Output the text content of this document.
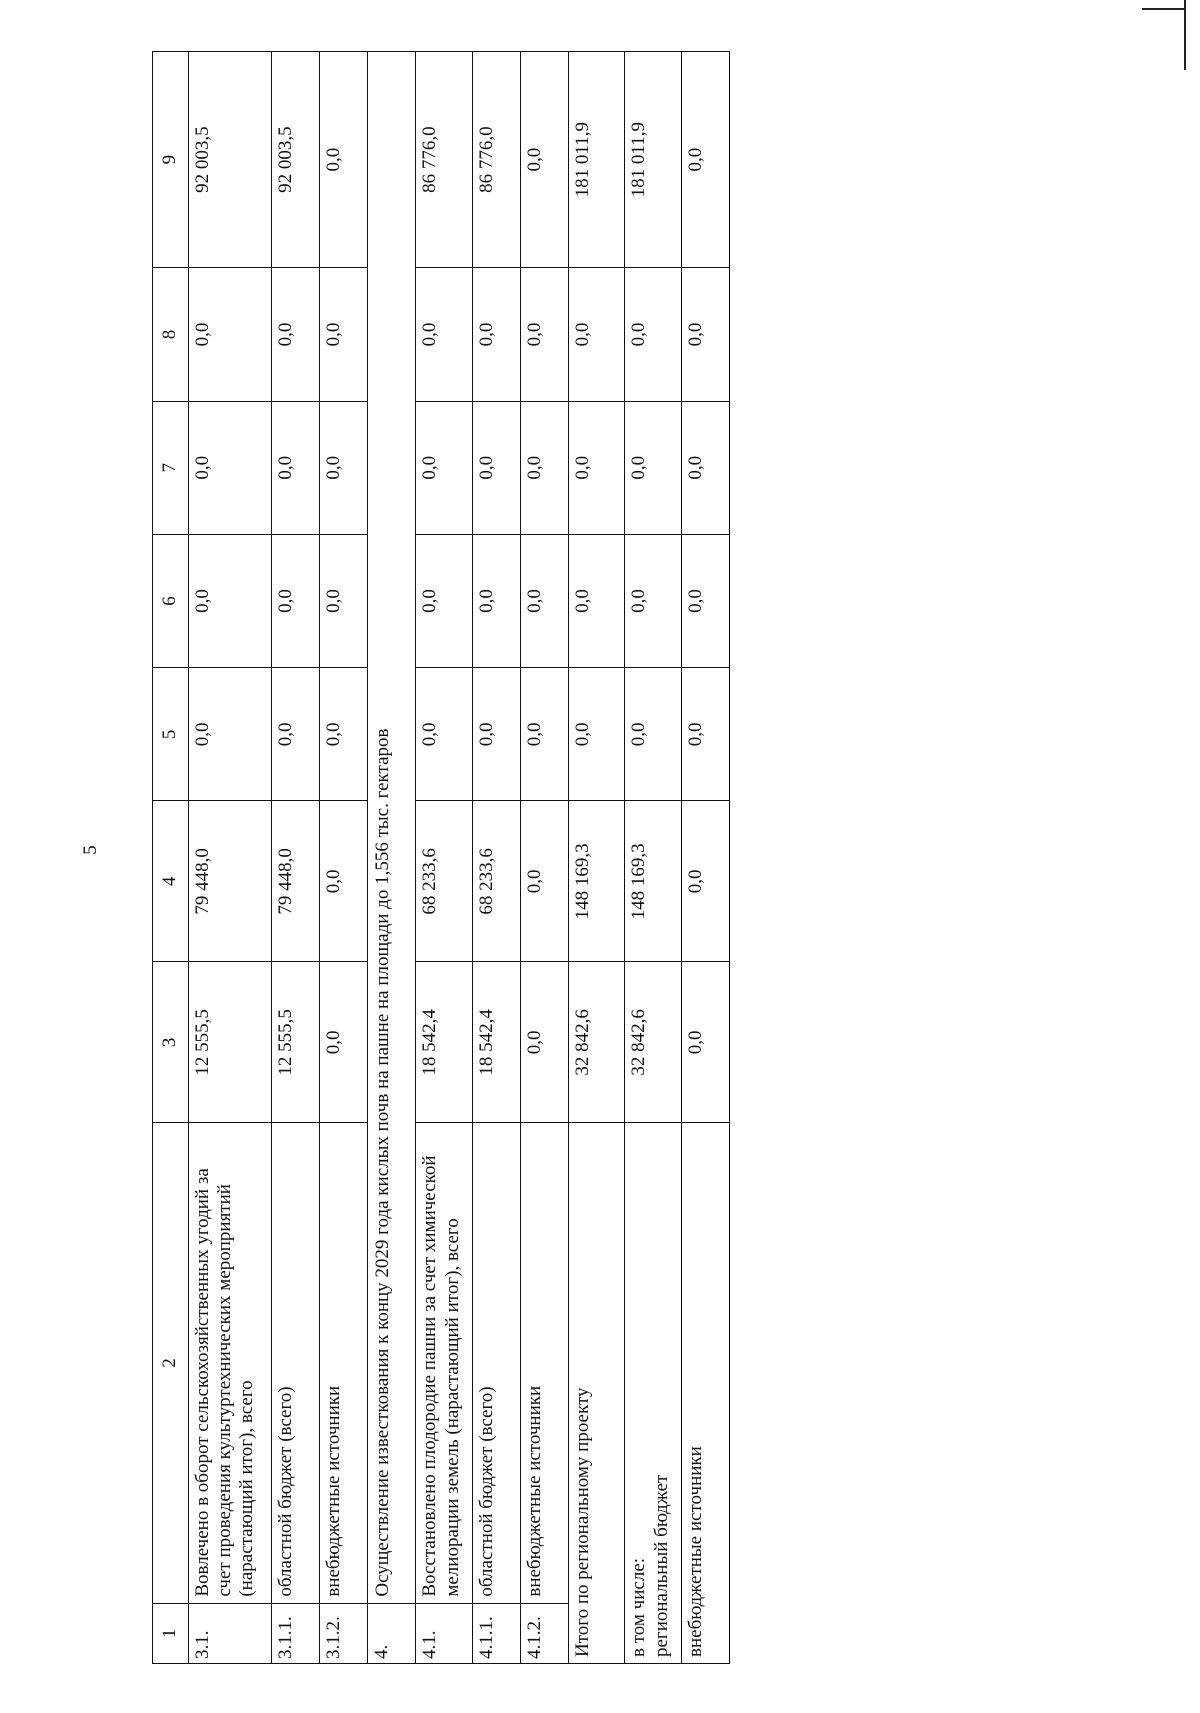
5
1	2	3	4	5	6	7	8	9
3.1.	Вовлечено в оборот сельскохозяйственных угодий за счет проведения культуртехнических мероприятий (нарастающий итог), всего	12 555,5	79 448,0	0,0	0,0	0,0	0,0	92 003,5
3.1.1.	областной бюджет (всего)	12 555,5	79 448,0	0,0	0,0	0,0	0,0	92 003,5
3.1.2.	внебюджетные источники	0,0	0,0	0,0	0,0	0,0	0,0	0,0
4.	Осуществление известкования к концу 2029 года кислых почв на пашне на площади до 1,556 тыс. гектаров							
4.1.	Восстановлено плодородие пашни за счет химической мелиорации земель (нарастающий итог), всего	18 542,4	68 233,6	0,0	0,0	0,0	0,0	86 776,0
4.1.1.	областной бюджет (всего)	18 542,4	68 233,6	0,0	0,0	0,0	0,0	86 776,0
4.1.2.	внебюджетные источники	0,0	0,0	0,0	0,0	0,0	0,0	0,0
Итого по региональному проекту		32 842,6	148 169,3	0,0	0,0	0,0	0,0	181 011,9

в том числе: региональный бюджет		32 842,6	148 169,3	0,0	0,0	0,0	0,0	181 011,9
внебюджетные источники		0,0	0,0	0,0	0,0	0,0	0,0	0,0
